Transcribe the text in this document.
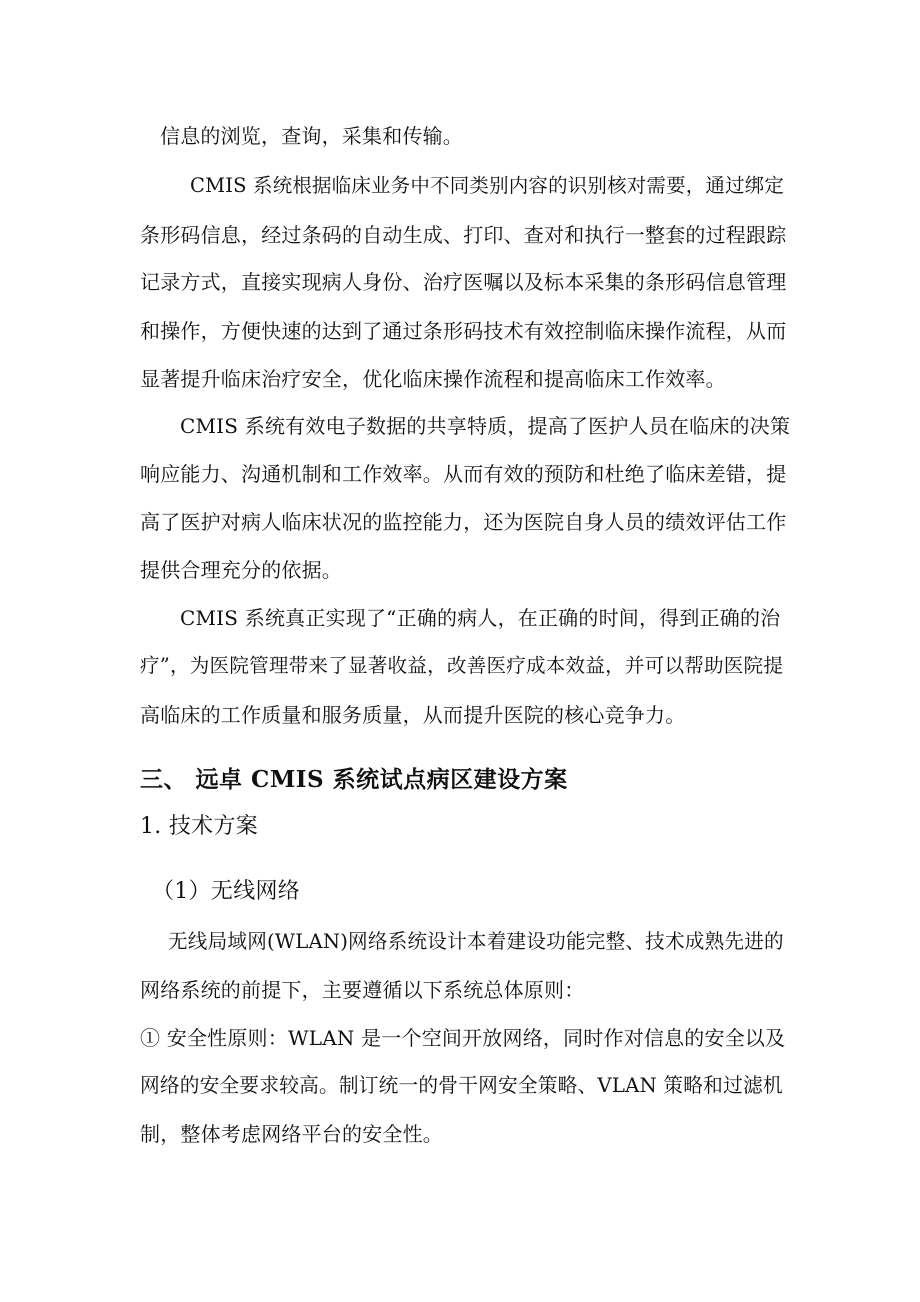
信息的浏览，查询，采集和传输。
CMIS 系统根据临床业务中不同类别内容的识别核对需要，通过绑定
条形码信息，经过条码的自动生成、打印、查对和执行一整套的过程跟踪
记录方式，直接实现病人身份、治疗医嘱以及标本采集的条形码信息管理
和操作，方便快速的达到了通过条形码技术有效控制临床操作流程，从而
显著提升临床治疗安全，优化临床操作流程和提高临床工作效率。
CMIS 系统有效电子数据的共享特质，提高了医护人员在临床的决策
响应能力、沟通机制和工作效率。从而有效的预防和杜绝了临床差错，提
高了医护对病人临床状况的监控能力，还为医院自身人员的绩效评估工作
提供合理充分的依据。
CMIS 系统真正实现了“正确的病人，在正确的时间，得到正确的治
疗”，为医院管理带来了显著收益，改善医疗成本效益，并可以帮助医院提
高临床的工作质量和服务质量，从而提升医院的核心竞争力。
三、 远卓 CMIS 系统试点病区建设方案
1. 技术方案
（1）无线网络
无线局域网(WLAN)网络系统设计本着建设功能完整、技术成熟先进的
网络系统的前提下，主要遵循以下系统总体原则：
① 安全性原则：WLAN 是一个空间开放网络，同时作对信息的安全以及
网络的安全要求较高。制订统一的骨干网安全策略、VLAN 策略和过滤机
制，整体考虑网络平台的安全性。
